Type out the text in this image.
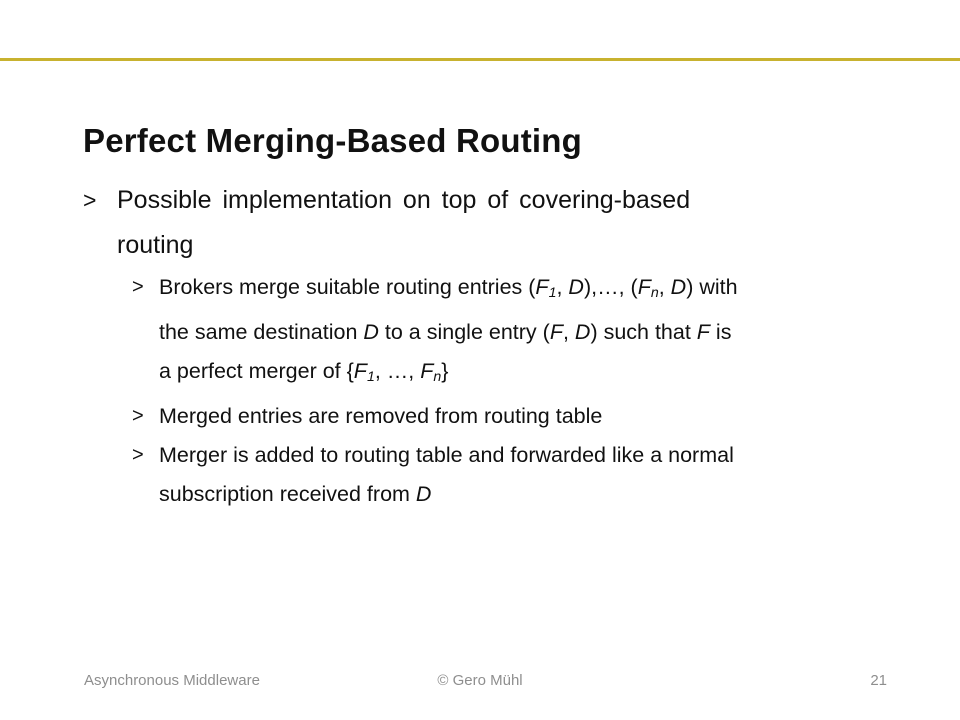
Perfect Merging-Based Routing
> Possible implementation on top of covering-based
routing
> Brokers merge suitable routing entries (F1, D),…, (Fn, D) with
the same destination D to a single entry (F, D) such that F is
a perfect merger of {F1, …, Fn}
> Merged entries are removed from routing table
> Merger is added to routing table and forwarded like a normal
subscription received from D
Asynchronous Middleware	© Gero Mühl	21
